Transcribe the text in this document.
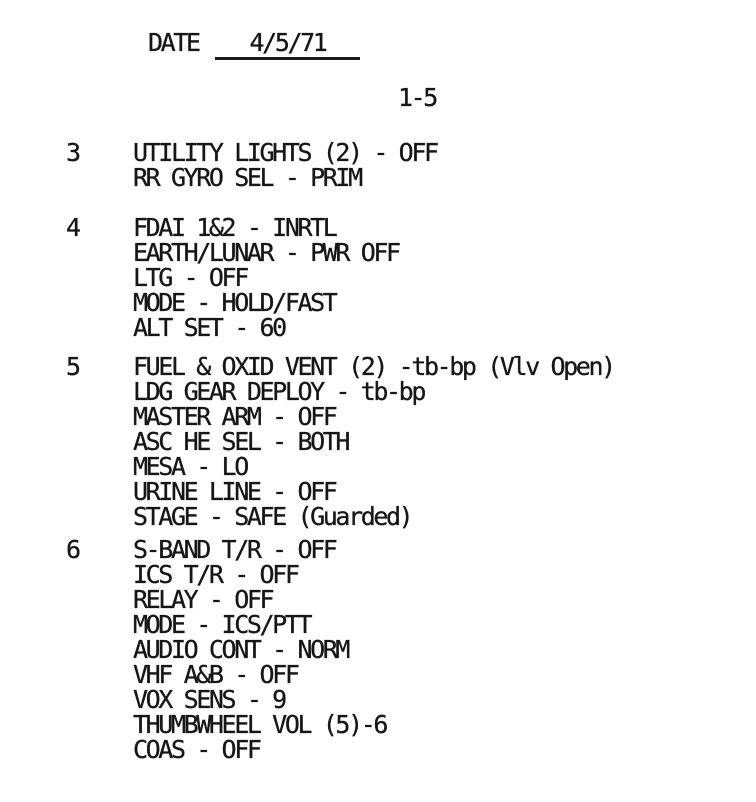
DATE	4/5/71
1-5
3 UTILITY LIGHTS (2) - OFF
RR GYRO SEL - PRIM
4 FDAI 1&2 - INRTL
EARTH/LUNAR - PWR OFF
LTG - OFF
MODE - HOLD/FAST
ALT SET - 60
5 FUEL & OXID VENT (2) -tb-bp (Vlv Open)
LDG GEAR DEPLOY - tb-bp
MASTER ARM - OFF
ASC HE SEL - BOTH
MESA - LO
URINE LINE - OFF
STAGE - SAFE (Guarded)
6 S-BAND T/R - OFF
ICS T/R - OFF
RELAY - OFF
MODE - ICS/PTT
AUDIO CONT - NORM
VHF A&B - OFF
VOX SENS - 9
THUMBWHEEL VOL (5)-6
COAS - OFF
